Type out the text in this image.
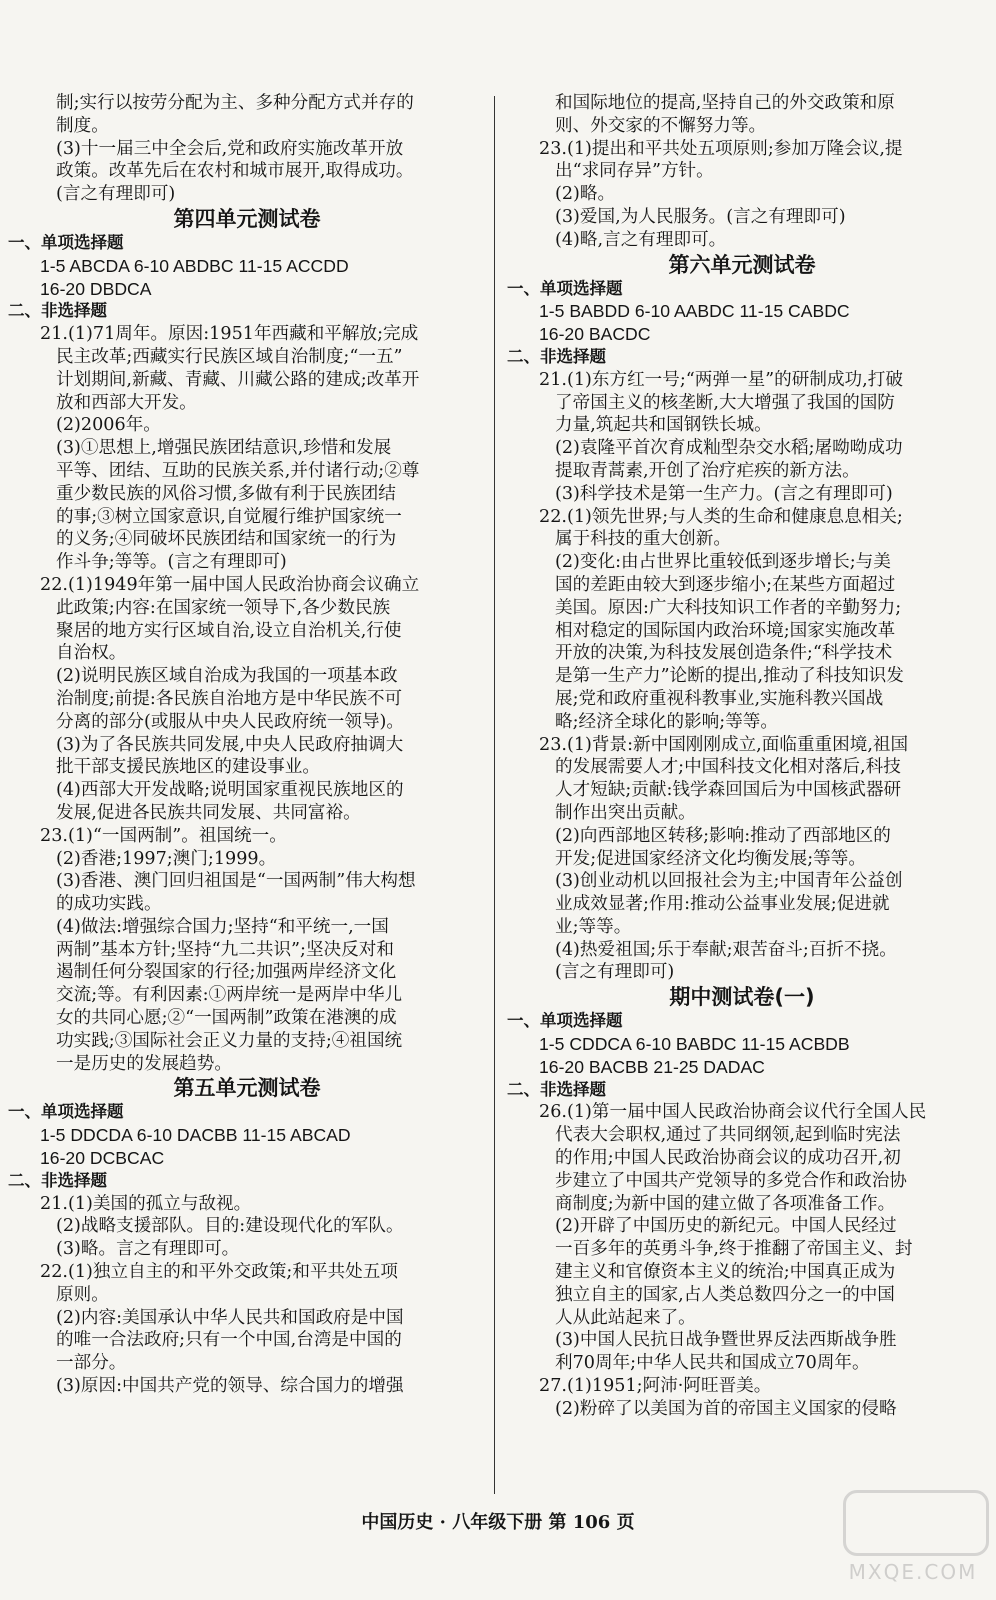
制;实行以按劳分配为主、多种分配方式并存的
制度。
(3)十一届三中全会后,党和政府实施改革开放
政策。改革先后在农村和城市展开,取得成功。
(言之有理即可)
第四单元测试卷
一、单项选择题
1-5 ABCDA 6-10 ABDBC 11-15 ACCDD
16-20 DBDCA
二、非选择题
21.(1)71周年。原因:1951年西藏和平解放;完成
民主改革;西藏实行民族区域自治制度;“一五”
计划期间,新藏、青藏、川藏公路的建成;改革开
放和西部大开发。
(2)2006年。
(3)①思想上,增强民族团结意识,珍惜和发展
平等、团结、互助的民族关系,并付诸行动;②尊
重少数民族的风俗习惯,多做有利于民族团结
的事;③树立国家意识,自觉履行维护国家统一
的义务;④同破坏民族团结和国家统一的行为
作斗争;等等。(言之有理即可)
22.(1)1949年第一届中国人民政治协商会议确立
此政策;内容:在国家统一领导下,各少数民族
聚居的地方实行区域自治,设立自治机关,行使
自治权。
(2)说明民族区域自治成为我国的一项基本政
治制度;前提:各民族自治地方是中华民族不可
分离的部分(或服从中央人民政府统一领导)。
(3)为了各民族共同发展,中央人民政府抽调大
批干部支援民族地区的建设事业。
(4)西部大开发战略;说明国家重视民族地区的
发展,促进各民族共同发展、共同富裕。
23.(1)“一国两制”。祖国统一。
(2)香港;1997;澳门;1999。
(3)香港、澳门回归祖国是“一国两制”伟大构想
的成功实践。
(4)做法:增强综合国力;坚持“和平统一,一国
两制”基本方针;坚持“九二共识”;坚决反对和
遏制任何分裂国家的行径;加强两岸经济文化
交流;等。有利因素:①两岸统一是两岸中华儿
女的共同心愿;②“一国两制”政策在港澳的成
功实践;③国际社会正义力量的支持;④祖国统
一是历史的发展趋势。
第五单元测试卷
一、单项选择题
1-5 DDCDA 6-10 DACBB 11-15 ABCAD
16-20 DCBCAC
二、非选择题
21.(1)美国的孤立与敌视。
(2)战略支援部队。目的:建设现代化的军队。
(3)略。言之有理即可。
22.(1)独立自主的和平外交政策;和平共处五项
原则。
(2)内容:美国承认中华人民共和国政府是中国
的唯一合法政府;只有一个中国,台湾是中国的
一部分。
(3)原因:中国共产党的领导、综合国力的增强
和国际地位的提高,坚持自己的外交政策和原
则、外交家的不懈努力等。
23.(1)提出和平共处五项原则;参加万隆会议,提
出“求同存异”方针。
(2)略。
(3)爱国,为人民服务。(言之有理即可)
(4)略,言之有理即可。
第六单元测试卷
一、单项选择题
1-5 BABDD 6-10 AABDC 11-15 CABDC
16-20 BACDC
二、非选择题
21.(1)东方红一号;“两弹一星”的研制成功,打破
了帝国主义的核垄断,大大增强了我国的国防
力量,筑起共和国钢铁长城。
(2)袁隆平首次育成籼型杂交水稻;屠呦呦成功
提取青蒿素,开创了治疗疟疾的新方法。
(3)科学技术是第一生产力。(言之有理即可)
22.(1)领先世界;与人类的生命和健康息息相关;
属于科技的重大创新。
(2)变化:由占世界比重较低到逐步增长;与美
国的差距由较大到逐步缩小;在某些方面超过
美国。原因:广大科技知识工作者的辛勤努力;
相对稳定的国际国内政治环境;国家实施改革
开放的决策,为科技发展创造条件;“科学技术
是第一生产力”论断的提出,推动了科技知识发
展;党和政府重视科教事业,实施科教兴国战
略;经济全球化的影响;等等。
23.(1)背景:新中国刚刚成立,面临重重困境,祖国
的发展需要人才;中国科技文化相对落后,科技
人才短缺;贡献:钱学森回国后为中国核武器研
制作出突出贡献。
(2)向西部地区转移;影响:推动了西部地区的
开发;促进国家经济文化均衡发展;等等。
(3)创业动机以回报社会为主;中国青年公益创
业成效显著;作用:推动公益事业发展;促进就
业;等等。
(4)热爱祖国;乐于奉献;艰苦奋斗;百折不挠。
(言之有理即可)
期中测试卷(一)
一、单项选择题
1-5 CDDCA 6-10 BABDC 11-15 ACBDB
16-20 BACBB 21-25 DADAC
二、非选择题
26.(1)第一届中国人民政治协商会议代行全国人民
代表大会职权,通过了共同纲领,起到临时宪法
的作用;中国人民政治协商会议的成功召开,初
步建立了中国共产党领导的多党合作和政治协
商制度;为新中国的建立做了各项准备工作。
(2)开辟了中国历史的新纪元。中国人民经过
一百多年的英勇斗争,终于推翻了帝国主义、封
建主义和官僚资本主义的统治;中国真正成为
独立自主的国家,占人类总数四分之一的中国
人从此站起来了。
(3)中国人民抗日战争暨世界反法西斯战争胜
利70周年;中华人民共和国成立70周年。
27.(1)1951;阿沛·阿旺晋美。
(2)粉碎了以美国为首的帝国主义国家的侵略
中国历史 · 八年级下册 第 106 页
MXQE.COM
